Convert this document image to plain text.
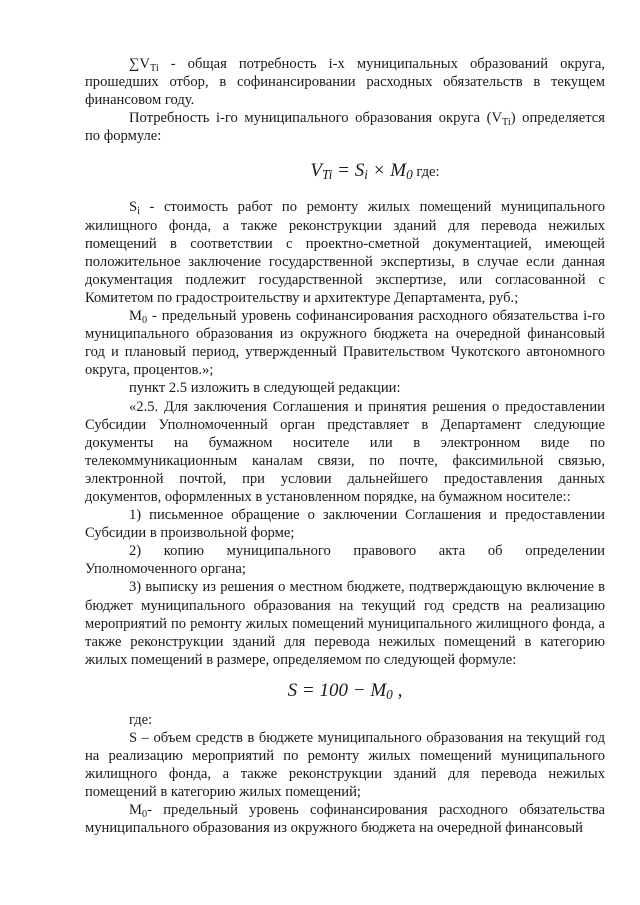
$\sum V_{Ti}$ - общая потребность i-х муниципальных образований округа, прошедших отбор, в софинансировании расходных обязательств в текущем финансовом году.

Потребность i-го муниципального образования округа $(V_{Ti})$ определяется по формуле:

$V_{Ti} = S_i \times M_0$ где:

$S_i$ - стоимость работ по ремонту жилых помещений муниципального жилищного фонда, а также реконструкции зданий для перевода нежилых помещений в соответствии с проектно-сметной документацией, имеющей положительное заключение государственной экспертизы, в случае если данная документация подлежит государственной экспертизе, или согласованной с Комитетом по градостроительству и архитектуре Департамента, руб.;

$М_0$ - предельный уровень софинансирования расходного обязательства i-го муниципального образования из окружного бюджета на очередной финансовый год и плановый период, утвержденный Правительством Чукотского автономного округа, процентов.»;

пункт 2.5 изложить в следующей редакции:

«2.5. Для заключения Соглашения и принятия решения о предоставлении Субсидии Уполномоченный орган представляет в Департамент следующие документы на бумажном носителе или в электронном виде по телекоммуникационным каналам связи, по почте, факсимильной связью, электронной почтой, при условии дальнейшего предоставления данных документов, оформленных в установленном порядке, на бумажном носителе::

1) письменное обращение о заключении Соглашения и предоставлении Субсидии в произвольной форме;

2) копию муниципального правового акта об определении Уполномоченного органа;

3) выписку из решения о местном бюджете, подтверждающую включение в бюджет муниципального образования на текущий год средств на реализацию мероприятий по ремонту жилых помещений муниципального жилищного фонда, а также реконструкции зданий для перевода нежилых помещений в категорию жилых помещений в размере, определяемом по следующей формуле:

$S = 100 - M_0$ ,

где:

S – объем средств в бюджете муниципального образования на текущий год на реализацию мероприятий по ремонту жилых помещений муниципального жилищного фонда, а также реконструкции зданий для перевода нежилых помещений в категорию жилых помещений;

$М_0-$ предельный уровень софинансирования расходного обязательства муниципального образования из окружного бюджета на очередной финансовый
